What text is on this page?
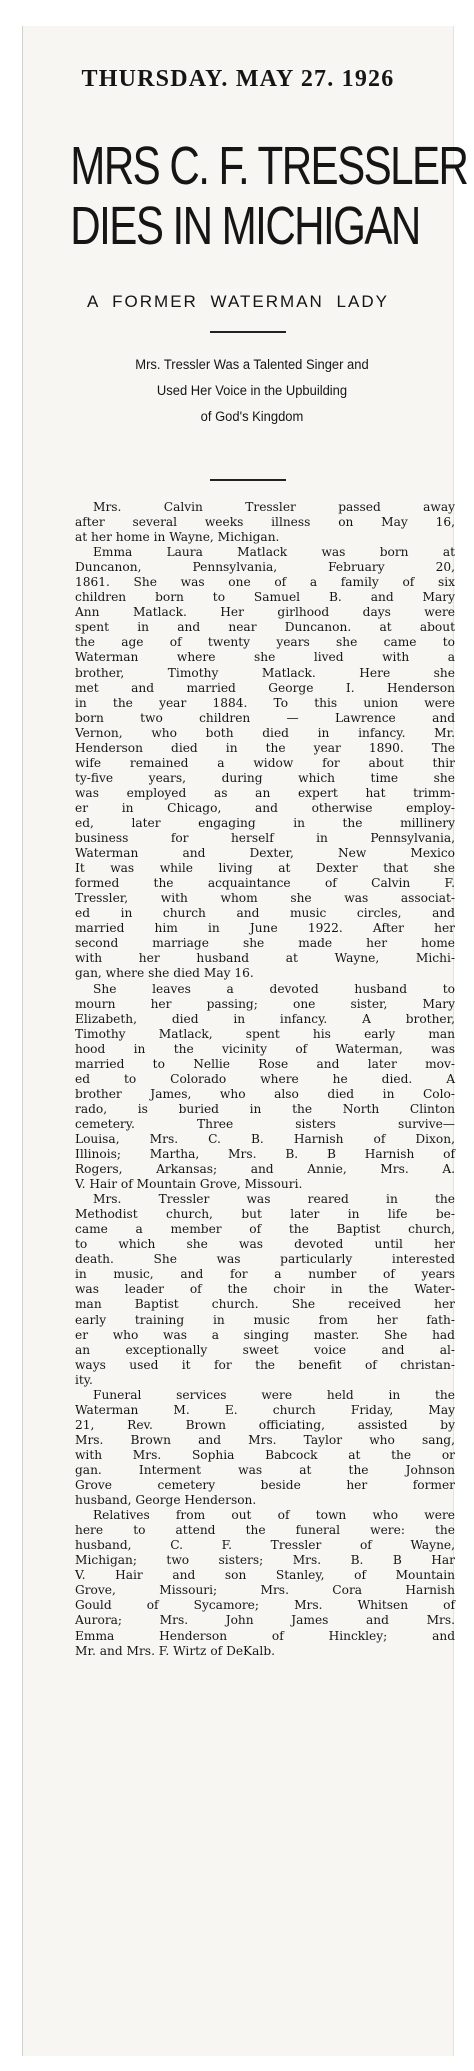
THURSDAY. MAY 27. 1926
MRS C. F. TRESSLER
DIES IN MICHIGAN
A FORMER WATERMAN LADY
Mrs. Tressler Was a Talented Singer and
Used Her Voice in the Upbuilding
of God's Kingdom
Mrs. Calvin Tressler passed away
after several weeks illness on May 16,
at her home in Wayne, Michigan.
Emma Laura Matlack was born at
Duncanon, Pennsylvania, February 20,
1861. She was one of a family of six
children born to Samuel B. and Mary
Ann Matlack. Her girlhood days were
spent in and near Duncanon. at about
the age of twenty years she came to
Waterman where she lived with a
brother, Timothy Matlack. Here she
met and married George I. Henderson
in the year 1884. To this union were
born two children — Lawrence and
Vernon, who both died in infancy. Mr.
Henderson died in the year 1890. The
wife remained a widow for about thir
ty-five years, during which time she
was employed as an expert hat trimm-
er in Chicago, and otherwise employ-
ed, later engaging in the millinery
business for herself in Pennsylvania,
Waterman and Dexter, New Mexico
It was while living at Dexter that she
formed the acquaintance of Calvin F.
Tressler, with whom she was associat-
ed in church and music circles, and
married him in June 1922. After her
second marriage she made her home
with her husband at Wayne, Michi-
gan, where she died May 16.
She leaves a devoted husband to
mourn her passing; one sister, Mary
Elizabeth, died in infancy. A brother,
Timothy Matlack, spent his early man
hood in the vicinity of Waterman, was
married to Nellie Rose and later mov-
ed to Colorado where he died. A
brother James, who also died in Colo-
rado, is buried in the North Clinton
cemetery. Three sisters survive—
Louisa, Mrs. C. B. Harnish of Dixon,
Illinois; Martha, Mrs. B. B Harnish of
Rogers, Arkansas; and Annie, Mrs. A.
V. Hair of Mountain Grove, Missouri.
Mrs. Tressler was reared in the
Methodist church, but later in life be-
came a member of the Baptist church,
to which she was devoted until her
death. She was particularly interested
in music, and for a number of years
was leader of the choir in the Water-
man Baptist church. She received her
early training in music from her fath-
er who was a singing master. She had
an exceptionally sweet voice and al-
ways used it for the benefit of christan-
ity.
Funeral services were held in the
Waterman M. E. church Friday, May
21, Rev. Brown officiating, assisted by
Mrs. Brown and Mrs. Taylor who sang,
with Mrs. Sophia Babcock at the or
gan. Interment was at the Johnson
Grove cemetery beside her former
husband, George Henderson.
Relatives from out of town who were
here to attend the funeral were: the
husband, C. F. Tressler of Wayne,
Michigan; two sisters; Mrs. B. B Har
V. Hair and son Stanley, of Mountain
Grove, Missouri; Mrs. Cora Harnish
Gould of Sycamore; Mrs. Whitsen of
Aurora; Mrs. John James and Mrs.
Emma Henderson of Hinckley; and
Mr. and Mrs. F. Wirtz of DeKalb.
